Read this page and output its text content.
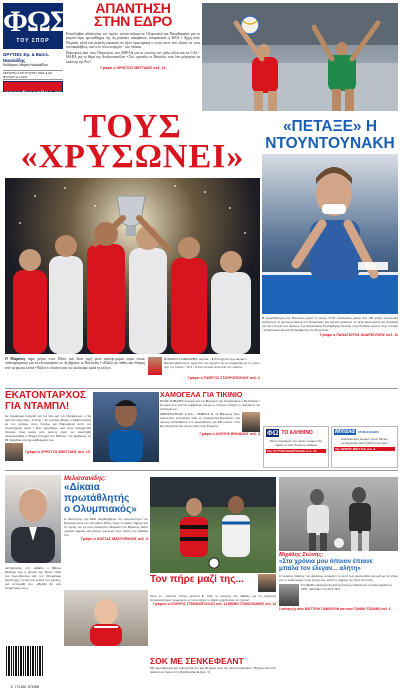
ΦΩΣ
ΤΟΥ ΣΠΟΡ
ΩΡΥΤΣΕΙ: Εφ. & Βασιλ. Νικολαΐδης
Εκδότρια: Μαρία Νικολαΐδου
ΤΕΤΑΡΤΗ 4 ΑΥΓΟΥΣΤΟΥ 2021 ● ΑΡ. ΦΥΛΛΟΥ ● 1,00 €
www.fosonline.gr
ΑΠΑΝΤΗΣΗ
ΣΤΗΝ ΕΔΡΟ

Επανέλαβαν αδιάλειπτα τον πρώτο τελικό-πολεμο-πε Ολυμπιακό και Παναθηναϊκό για το μεγαλύ-τερο πρωτάθλημα της 4η μπάσκετ αποφάσισε, αποφάσισαν η ΚΕΔ + Ορχή στην Πειραιά, αλλά και μεγάλη ευκαιρία να ζήτει πρωτοφανή ο εντός αυτό που έδωσε σε τους τουπικαλάβτες, σαν στο του υπουργών - στο πίνακα.

Προσφυγή από τους Πειραιώτες στο ΑΘΕΑΔ για το ωστόσο τον ρόλο αλλά και σε CAS - WADA για το θέμα της Αντζιατοπούλου • Στο «φιναλι» οι Βασιλείς τους δον μέτρησαν τα καλύτερ της Ρεν!

Γράφει ο ΧΡΗΣΤΟΣ ΜΕΓΓΙΔΗΣ σελ. 13
ΤΟΥΣ
«ΧΡΥΣΩΝΕΙ»
«ΠΕΤΑΞΕ» Η
ΝΤΟΥΝΤΟΥΝΑΚΗ

Η πρωταθλήτρια του Ναυτικού έκανε το μέτρο 57,97 επεκλάσεις ρεκόρ στα 100 μέτρα πεταλούδα κατάκτησε τα χρυσά μετάλλια στο Ολυμπιακή και έφτασε ανάμεσα σε οκτώ καλύτερους της Ελλάδας για την ιστορία των Αγώνων της Ολυμπιακής Κολύμβησης Ερευνη στην Ελλάδα πρώτες στην ιστορία • Ολυμπιακού Αγώνα Κολύμβησης στη 26 χρόνια...

Γράφει ο ΠΑΝΑΓΙΩΤΗΣ ΑΝΔΡΕΟΥΛΗΣ σελ. 11

Ο Μαρτίνες πήρε μέρος στον Πέιτσ και δίνει τιμή μετά εκατομ-μύρια ευρώ στους ποδοσφαιριστές για να εντατικήσουν το 4ο βήματα το Πολιτείας • «Πιάζει με πάθος και δύναμη από τα πρώτα λεπτά • Βάλτε το δυνατό σας να κλείσουμε καλά τη σεζόν»

ΠΟΝΑΕΙ Ο ΣΩΚΡΑΤΗΣ, ΑΛΛΑ... ● Εντυχήσαν έχει ακόμα ο Παπασταθόπουλος, όμως δεν του περήλτε να τα συμμετέχει με το χτύπο που τον τελικό • Τα 3 • 0 στον άντικο είναι από τον «Ζέσο»

Γράφει ο ΓΙΩΡΓΟΣ ΣΤΑΥΡΟΠΟΥΛΟΣ σελ. 2
ΕΚΑΤΟΝΤΑΡΧΟΣ
ΓΙΑ ΝΤΑΜΠΛ!

Σε σημαδιακό παιχνίδι για τον ίδιο και τον Ολυμπια-κό, ο Σα Αρτευει είρα έφη... ένταση • Σε τεχνικές βίτμες ο Μαρτσινάκης με τον ανάγκη στον τηνάγω μα Παρισιάνια αυτό τον ολοκλήρωση μέσα • Κατ «χρυσάφι» -και στην πραγματική πλευρά- ένας καλός από αυτούς είναι τον αναστηθή πανευρωπαϊκή ο Ξόρχα επιτυχία στο Μίτσου • Σε αριθμούς, τα 99 παιχνίδια στα πρωταθλήματα του.

Γράφει ο ΧΡΗΣΤΟΣ ΜΕΓΓΙΔΗΣ σελ. 15
ΧΑΜΟΓΕΛΑ ΓΙΑ ΤΙΚΙΝΙΟ

ΠΟΛΥ ΣΟΒΑΡΗ ενεργεια για τον Βρουχού του Ολυμπιακού ο Βρεύλιδου • Σε μέρα που για ένα συμβόλαιο για με το τέταρτο εντάξει το παρακινή του αντίσκια του.

ΜΠΟΥΝΑΝΤΑΡ Α-ΛΑ... ΣΜΒΙΛΑ ● Ο Βίκτορας Γκα-μπαούτσος επιστρέφει πάλι σε συνεργασία Κιμπάνερ, που πρώτος αντικαθιστώ του πρωταθλητή και Μπουνέλα • Ότι θα συνεχίστεί και αυτός είναι στην Ευρώπη.

Γράφει ο ΑΛΕΞΗΣ ΒΗΝΑΝΟΣ σελ. 3 ΦΩ ΤΟ ΑΛΗΘΙΝΟ

Πόσο ταιριάζουν στο πρώτο όνομα στην παρέα σε τους Έλληνες οπαδούς

Του ΟΥΤΤΟΝ ΜΑΚΡΥΔΑΚΗ σελ. 15
Μπάλα	ΣΤΗΝ ΕΞΕΔΡΑ

Κατακλυσμός κόσμου για Α' Εθνικό μεταγραφικό ριάν η θέαση του γκολ

Της ΒΡΙΣΘΥ ΜΕΓΓΙΑΗ σελ. 6
Μελισσανίδης:
«Δίκαια
πρωτάθλητής
ο Ολυμπιακός»

Ο ιδιοκτήτης της ΑΕΚ παραδέχθη-κε την ανωτερότητα του Πειραιώ-τικου του πολιτικού Χάτη, όπως το έκανε σήμερα για τη σχέση του με τους ιδιοκτήτες αδερφών του Ηρακλή, έκανε «χρυσά σημεία» και μίλησε για κενά στην τίτλου της Ομάδας του.

Γράφει ο ΚΩΣΤΑΣ ΜΑΣΤΟΡΑΚΗΣ σελ. 5

Αντιπρόεδρο στο «ΦΩΣ» ο Βάσος Μπάκας πως η μπορεί της Τζινεν είσαι για πρωτοβουλιώ σαν τον Ολυμπιακό Αναπτυξης τη ένα που μπέκε στη μελέτη, και ανταγαθή στο «Βρέθα θα σαν Ολυμπιακό λεω.»

9 771109 674008
Τον πήρε μαζί της...

Ολοι οι... Δέτοκοι τέλους φρόνοι! ● Οπο το σεισμός στο «ΦΩΣ» για τη σημερινή πολυσκινητήριο λεωφορείο σε τόσο λέξεις το βάλει μηχοπονίας σε στήσια!

Γράφουν οι ΣΤΑΥΡΟΣ ΣΤΕΦΑΝΟΠΟΥΛΟΣ σελ. 14 ΘΕΜΗΣ ΣΠΑΝΟΥΔΑΚΗΣ σελ. 14
Μιχάλης Σιώνης:
«Στα χρόνια μου όποιον έπιανε
μπάλα τον έλεγαν... αλήτη»

Ο παλαίος παίκτης του Αιγάλεω, αναφέρει το αυτό των ακολουθών και μάλ με τα γέλια για το ποδόσφαιρο στην εποχή του, αλλά το σήμερα πιο πολύ τις όποιε.

Στη ΦΩΤΟ: Αναμνηστική Σιώνης Σιώνη με Μιλανολή σε αγώνα Αιγάλεω ή ΑΕΚ - Αθηναϊκό στη 1971-1972

Συνέντευξη στον ΒΑΓΓΕΛΗ ΓΙΑΝΝΟΥΛΗ και στον ΓΙΑΝΝΗ ΤΖΙΑΝΝΟ σελ. 4
ΣΟΚ ΜΕ ΣΕΝΚΕΦΕΛΝΤ

Με πρωτόβουλες και εγκιώνεται του και θα χάσει τους πιο πρώτα παιχνίδια • Πλήρως δεν έτσι παιδιά του Λάλου στο Πανθηναϊκό ● (Σελ. 5)
